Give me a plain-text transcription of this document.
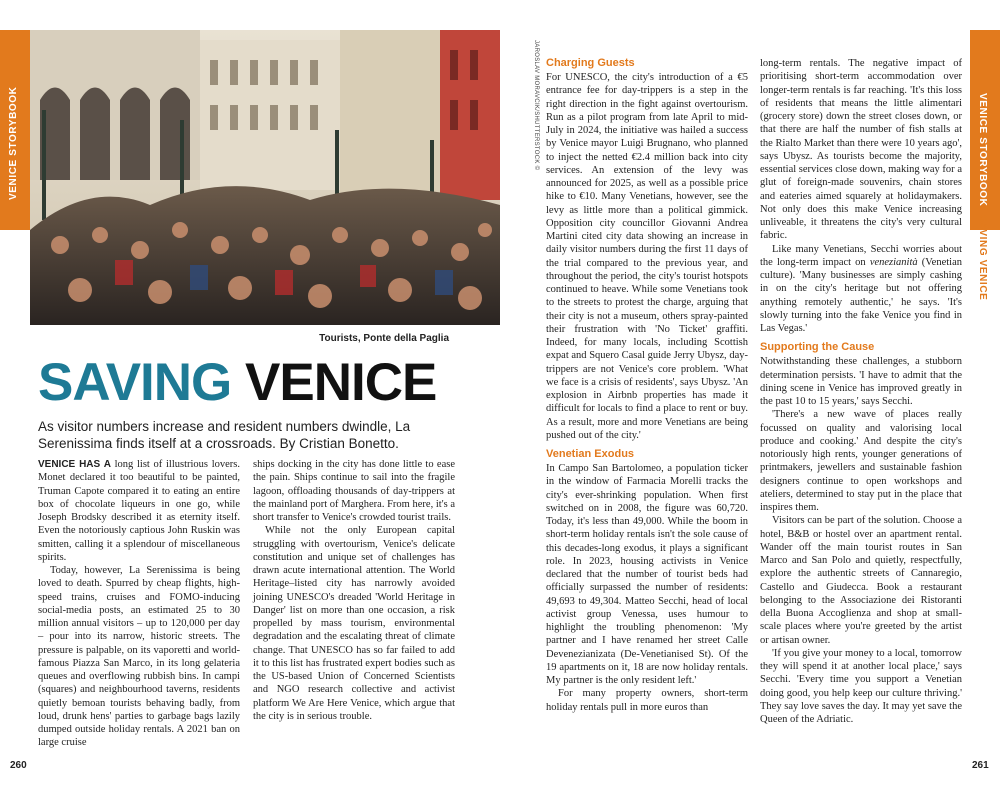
VENICE STORYBOOK	VENICE STORYBOOK
SAVING VENICE
JAROSLAV MORAVCIK/SHUTTERSTOCK ©
Tourists, Ponte della Paglia
SAVING VENICE
As visitor numbers increase and resident numbers dwindle, La Serenissima finds itself at a crossroads. By Cristian Bonetto.

VENICE HAS A long list of illustrious lovers. Monet declared it too beautiful to be painted, Truman Capote compared it to eating an entire box of chocolate liqueurs in one go, while Joseph Brodsky described it as eternity itself. Even the notoriously captious John Ruskin was smitten, calling it a splendour of miscellaneous spirits.

Today, however, La Serenissima is being loved to death. Spurred by cheap flights, high-speed trains, cruises and FOMO-inducing social-media posts, an estimated 25 to 30 million annual visitors – up to 120,000 per day – pour into its narrow, historic streets. The pressure is palpable, on its vaporetti and world-famous Piazza San Marco, in its long gelateria queues and overflowing rubbish bins. In campi (squares) and neighbourhood taverns, residents quietly bemoan tourists behaving badly, from loud, drunk hens' parties to garbage bags lazily dumped outside holiday rentals. A 2021 ban on large cruise

ships docking in the city has done little to ease the pain. Ships continue to sail into the fragile lagoon, offloading thousands of day-trippers at the mainland port of Marghera. From here, it's a short transfer to Venice's crowded tourist trails.

While not the only European capital struggling with overtourism, Venice's delicate constitution and unique set of challenges has drawn acute international attention. The World Heritage–listed city has narrowly avoided joining UNESCO's dreaded 'World Heritage in Danger' list on more than one occasion, a risk propelled by mass tourism, environmental degradation and the escalating threat of climate change. That UNESCO has so far failed to add it to this list has frustrated expert bodies such as the US-based Union of Concerned Scientists and NGO research collective and activist platform We Are Here Venice, which argue that the city is in serious trouble.

Charging Guests

For UNESCO, the city's introduction of a €5 entrance fee for day-trippers is a step in the right direction in the fight against overtourism. Run as a pilot program from late April to mid-July in 2024, the initiative was hailed a success by Venice mayor Luigi Brugnano, who planned to inject the netted €2.4 million back into city services. An extension of the levy was announced for 2025, as well as a possible price hike to €10. Many Venetians, however, see the levy as little more than a political gimmick. Opposition city councillor Giovanni Andrea Martini cited city data showing an increase in daily visitor numbers during the first 11 days of the trial compared to the previous year, and throughout the period, the city's tourist hotspots continued to heave. While some Venetians took to the streets to protest the charge, arguing that their city is not a museum, others spray-painted their frustration with 'No Ticket' graffiti. Indeed, for many locals, including Scottish expat and Squero Casal guide Jerry Ubysz, day-trippers are not Venice's core problem. 'What we face is a crisis of residents', says Ubysz. 'An explosion in Airbnb properties has made it difficult for locals to find a place to rent or buy. As a result, more and more Venetians are being pushed out of the city.'

Venetian Exodus

In Campo San Bartolomeo, a population ticker in the window of Farmacia Morelli tracks the city's ever-shrinking population. When first switched on in 2008, the figure was 60,720. Today, it's less than 49,000. While the boom in short-term holiday rentals isn't the sole cause of this decades-long exodus, it plays a significant role. In 2023, housing activists in Venice declared that the number of tourist beds had officially surpassed the number of residents: 49,693 to 49,304. Matteo Secchi, head of local activist group Venessa, uses humour to highlight the troubling phenomenon: 'My partner and I have renamed her street Calle Devenezianizata (De-Venetianised St). Of the 19 apartments on it, 18 are now holiday rentals. My partner is the only resident left.'

For many property owners, short-term holiday rentals pull in more euros than

long-term rentals. The negative impact of prioritising short-term accommodation over longer-term rentals is far reaching. 'It's this loss of residents that means the little alimentari (grocery store) down the street closes down, or that there are half the number of fish stalls at the Rialto Market than there were 10 years ago', says Ubysz. As tourists become the majority, essential services close down, making way for a glut of foreign-made souvenirs, chain stores and eateries aimed squarely at holidaymakers. Not only does this make Venice increasing unliveable, it threatens the city's very cultural fabric.

Like many Venetians, Secchi worries about the long-term impact on venezianità (Venetian culture). 'Many businesses are simply cashing in on the city's heritage but not offering anything remotely authentic,' he says. 'It's slowly turning into the fake Venice you find in Las Vegas.'

Supporting the Cause

Notwithstanding these challenges, a stubborn determination persists. 'I have to admit that the dining scene in Venice has improved greatly in the past 10 to 15 years,' says Secchi.

'There's a new wave of places really focussed on quality and valorising local produce and cooking.' And despite the city's notoriously high rents, younger generations of printmakers, jewellers and sustainable fashion designers continue to open workshops and ateliers, determined to stay put in the place that inspires them.

Visitors can be part of the solution. Choose a hotel, B&B or hostel over an apartment rental. Wander off the main tourist routes in San Marco and San Polo and quietly, respectfully, explore the authentic streets of Cannaregio, Castello and Giudecca. Book a restaurant belonging to the Associazione dei Ristoranti della Buona Accoglienza and shop at small-scale places where you're greeted by the artist or artisan owner.

'If you give your money to a local, tomorrow they will spend it at another local place,' says Secchi. 'Every time you support a Venetian doing good, you help keep our culture thriving.' They say love saves the day. It may yet save the Queen of the Adriatic.

260	261
